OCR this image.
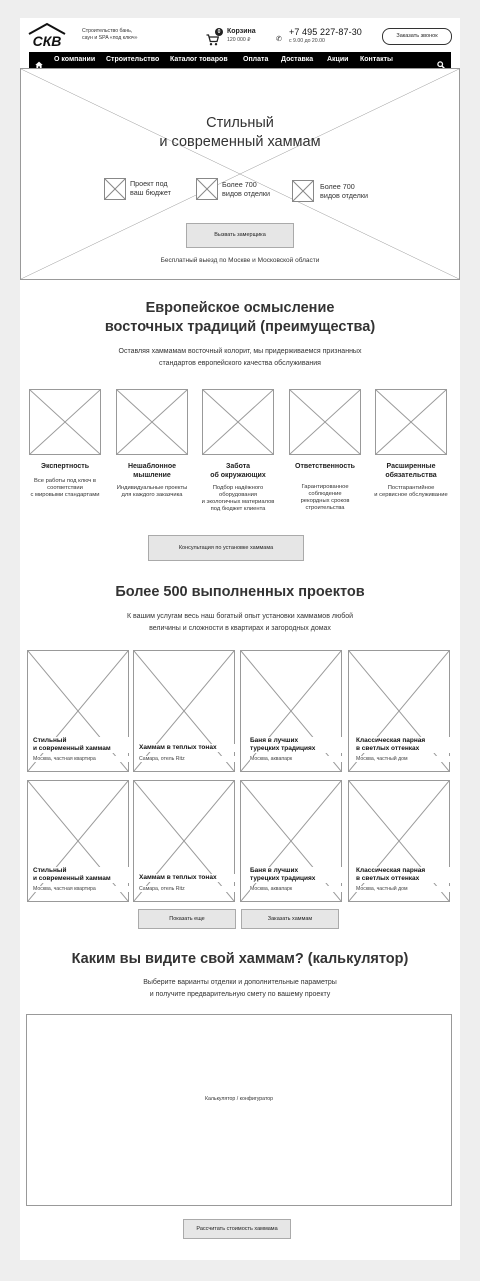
СКВ
Строительство бань,
саун и SPA «под ключ»
0 Корзина
120 000 ₽	✆
+7 495 227-87-30
с 9.00 до 20.00
Заказать звонок
О компании Строительство Каталог товаров Оплата Доставка Акции Контакты
Стильный
и современный хаммам
Проект под
ваш бюджет
Более 700
видов отделки
Более 700
видов отделки
Вызвать замерщика
Бесплатный выезд по Москве и Московской области
Европейское осмысление
восточных традиций (преимущества)
Оставляя хаммамам восточный колорит, мы придерживаемся признанных
стандартов европейского качества обслуживания
Экспертность
Все работы под ключ в
соответствии
с мировыми стандартами
Нешаблонное
мышление
Индивидуальные проекты
для каждого заказчика
Забота
об окружающих
Подбор надёжного
оборудования
и экологичных материалов
под бюджет клиента
Ответственность
Гарантированное
соблюдение
рекордных сроков
строительства
Расширенные
обязательства
Постгарантийное
и сервисное обслуживание
Консультация по установке хаммама
Более 500 выполненных проектов
К вашим услугам весь наш богатый опыт установки хаммамов любой
величины и сложности в квартирах и загородных домах
Стильный
и современный хаммам
Москва, частная квартира
Хаммам в теплых тонах
Самара, отель Ritz
Баня в лучших
турецких традициях
Москва, аквапарк
Классическая парная
в светлых оттенках
Москва, частный дом
Стильный
и современный хаммам
Москва, частная квартира
Хаммам в теплых тонах
Самара, отель Ritz
Баня в лучших
турецких традициях
Москва, аквапарк
Классическая парная
в светлых оттенках
Москва, частный дом
Показать еще	Заказать хаммам
Каким вы видите свой хаммам? (калькулятор)
Выберите варианты отделки и дополнительные параметры
и получите предварительную смету по вашему проекту
Калькулятор / конфигуратор
Рассчитать стоимость хаммама
